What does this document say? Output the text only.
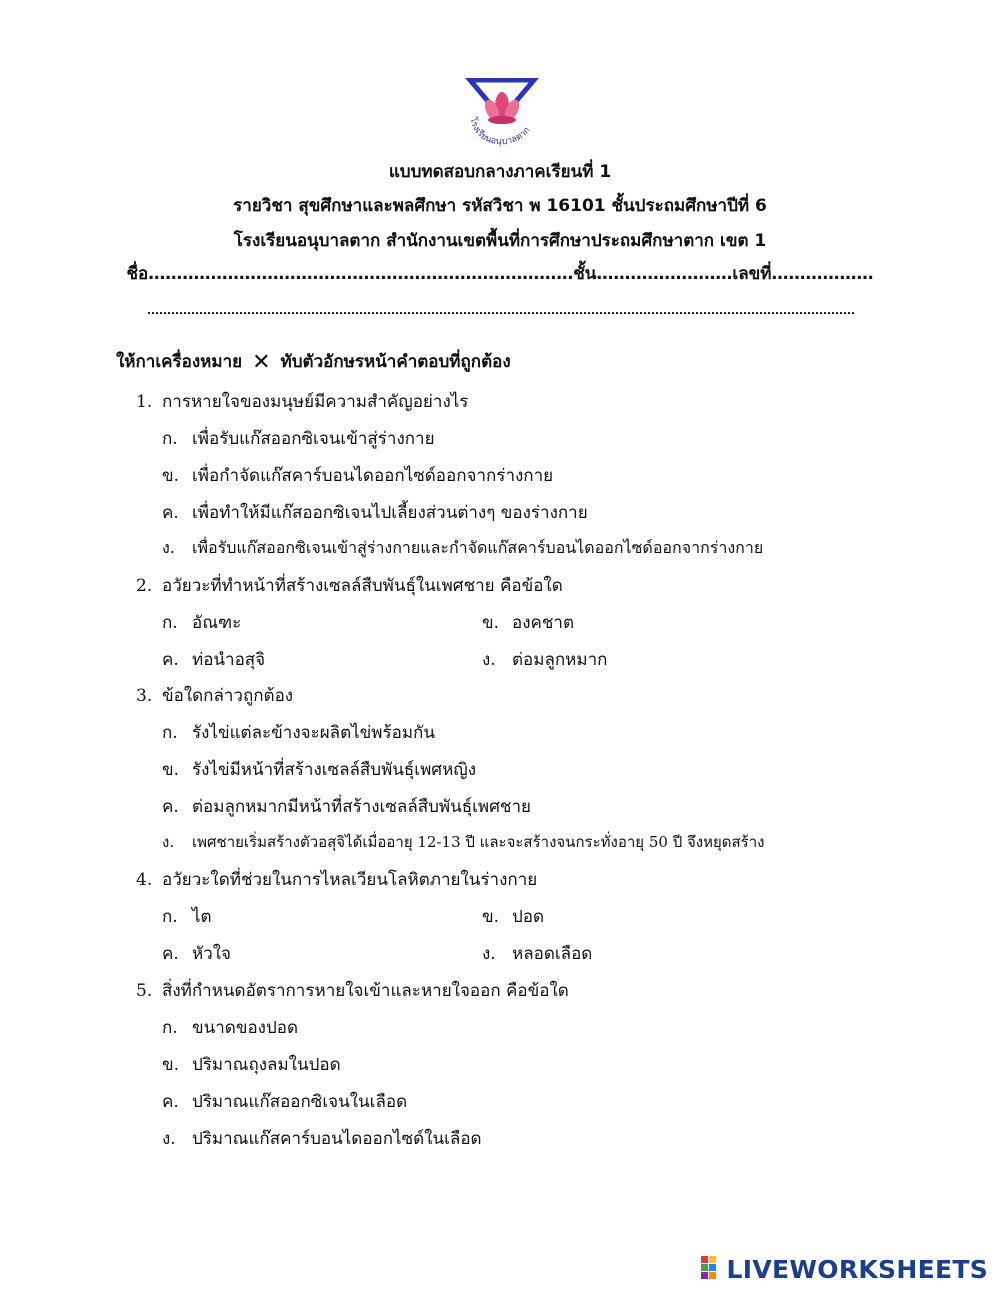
โรงเรียนอนุบาลตาก
แบบทดสอบกลางภาคเรียนที่ 1
รายวิชา สุขศึกษาและพลศึกษา รหัสวิชา พ 16101 ชั้นประถมศึกษาปีที่ 6
โรงเรียนอนุบาลตาก สำนักงานเขตพื้นที่การศึกษาประถมศึกษาตาก เขต 1
ชื่อ…………………………………………………………………ชั้น……………………เลขที่………………
ให้กาเครื่องหมาย ✕ ทับตัวอักษรหน้าคำตอบที่ถูกต้อง
1. การหายใจของมนุษย์มีความสำคัญอย่างไร
ก. เพื่อรับแก๊สออกซิเจนเข้าสู่ร่างกาย
ข. เพื่อกำจัดแก๊สคาร์บอนไดออกไซด์ออกจากร่างกาย
ค. เพื่อทำให้มีแก๊สออกซิเจนไปเลี้ยงส่วนต่างๆ ของร่างกาย
ง. เพื่อรับแก๊สออกซิเจนเข้าสู่ร่างกายและกำจัดแก๊สคาร์บอนไดออกไซด์ออกจากร่างกาย
2. อวัยวะที่ทำหน้าที่สร้างเซลล์สืบพันธุ์ในเพศชาย คือข้อใด
ก. อัณฑะ	ข. องคชาต
ค. ท่อนำอสุจิ	ง. ต่อมลูกหมาก
3. ข้อใดกล่าวถูกต้อง
ก. รังไข่แต่ละข้างจะผลิตไข่พร้อมกัน
ข. รังไข่มีหน้าที่สร้างเซลล์สืบพันธุ์เพศหญิง
ค. ต่อมลูกหมากมีหน้าที่สร้างเซลล์สืบพันธุ์เพศชาย
ง. เพศชายเริ่มสร้างตัวอสุจิได้เมื่ออายุ 12-13 ปี และจะสร้างจนกระทั่งอายุ 50 ปี จึงหยุดสร้าง
4. อวัยวะใดที่ช่วยในการไหลเวียนโลหิตภายในร่างกาย
ก. ไต	ข. ปอด
ค. หัวใจ	ง. หลอดเลือด
5. สิ่งที่กำหนดอัตราการหายใจเข้าและหายใจออก คือข้อใด
ก. ขนาดของปอด
ข. ปริมาณถุงลมในปอด
ค. ปริมาณแก๊สออกซิเจนในเลือด
ง. ปริมาณแก๊สคาร์บอนไดออกไซด์ในเลือด
LIVEWORKSHEETS
